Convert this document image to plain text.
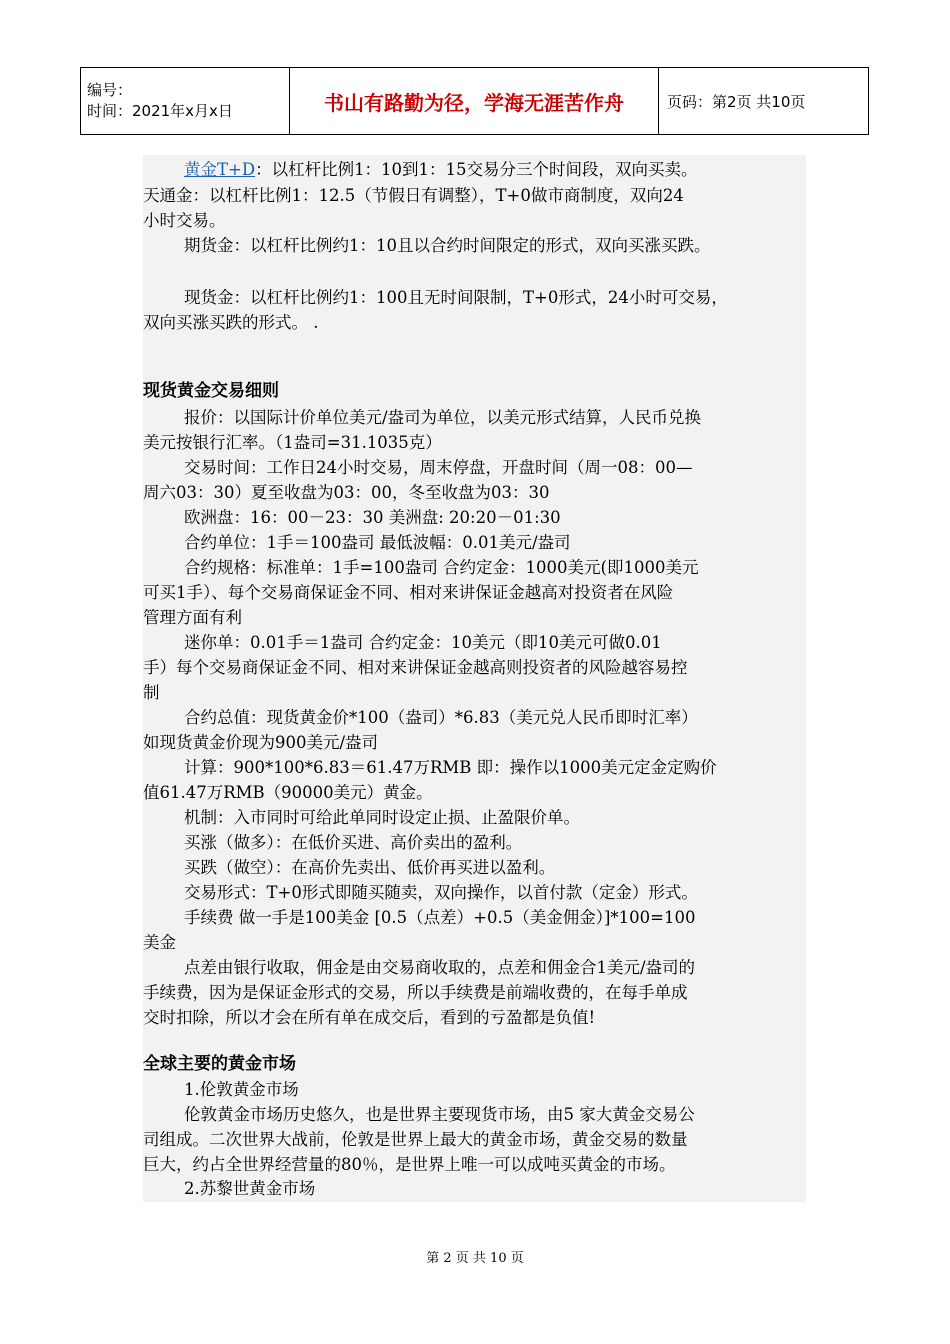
编号：
时间：2021年x月x日	书山有路勤为径，学海无涯苦作舟	页码：第2页 共10页
黄金T+D：以杠杆比例1：10到1：15交易分三个时间段，双向买卖。
天通金：以杠杆比例1：12.5（节假日有调整），T+0做市商制度，双向24
小时交易。
期货金：以杠杆比例约1：10且以合约时间限定的形式，双向买涨买跌。
现货金：以杠杆比例约1：100且无时间限制，T+0形式，24小时可交易，
双向买涨买跌的形式。 .
现货黄金交易细则
报价：以国际计价单位美元/盎司为单位，以美元形式结算，人民币兑换
美元按银行汇率。（1盎司=31.1035克）
交易时间：工作日24小时交易，周末停盘，开盘时间（周一08：00—
周六03：30）夏至收盘为03：00，冬至收盘为03：30
欧洲盘：16：00－23：30 美洲盘: 20:20－01:30
合约单位：1手＝100盎司 最低波幅：0.01美元/盎司
合约规格：标准单：1手=100盎司 合约定金：1000美元(即1000美元
可买1手）、每个交易商保证金不同、相对来讲保证金越高对投资者在风险
管理方面有利
迷你单：0.01手＝1盎司 合约定金：10美元（即10美元可做0.01
手）每个交易商保证金不同、相对来讲保证金越高则投资者的风险越容易控
制
合约总值：现货黄金价*100（盎司）*6.83（美元兑人民币即时汇率）
如现货黄金价现为900美元/盎司
计算：900*100*6.83＝61.47万RMB 即：操作以1000美元定金定购价
值61.47万RMB（90000美元）黄金。
机制：入市同时可给此单同时设定止损、止盈限价单。
买涨（做多）：在低价买进、高价卖出的盈利。
买跌（做空）：在高价先卖出、低价再买进以盈利。
交易形式：T+0形式即随买随卖，双向操作，以首付款（定金）形式。
手续费 做一手是100美金 [0.5（点差）+0.5（美金佣金）]*100=100
美金
点差由银行收取，佣金是由交易商收取的，点差和佣金合1美元/盎司的
手续费，因为是保证金形式的交易，所以手续费是前端收费的，在每手单成
交时扣除，所以才会在所有单在成交后，看到的亏盈都是负值!
全球主要的黄金市场
1.伦敦黄金市场
伦敦黄金市场历史悠久，也是世界主要现货市场，由5 家大黄金交易公
司组成。二次世界大战前，伦敦是世界上最大的黄金市场，黄金交易的数量
巨大，约占全世界经营量的80％，是世界上唯一可以成吨买黄金的市场。
2.苏黎世黄金市场
第 2 页 共 10 页
